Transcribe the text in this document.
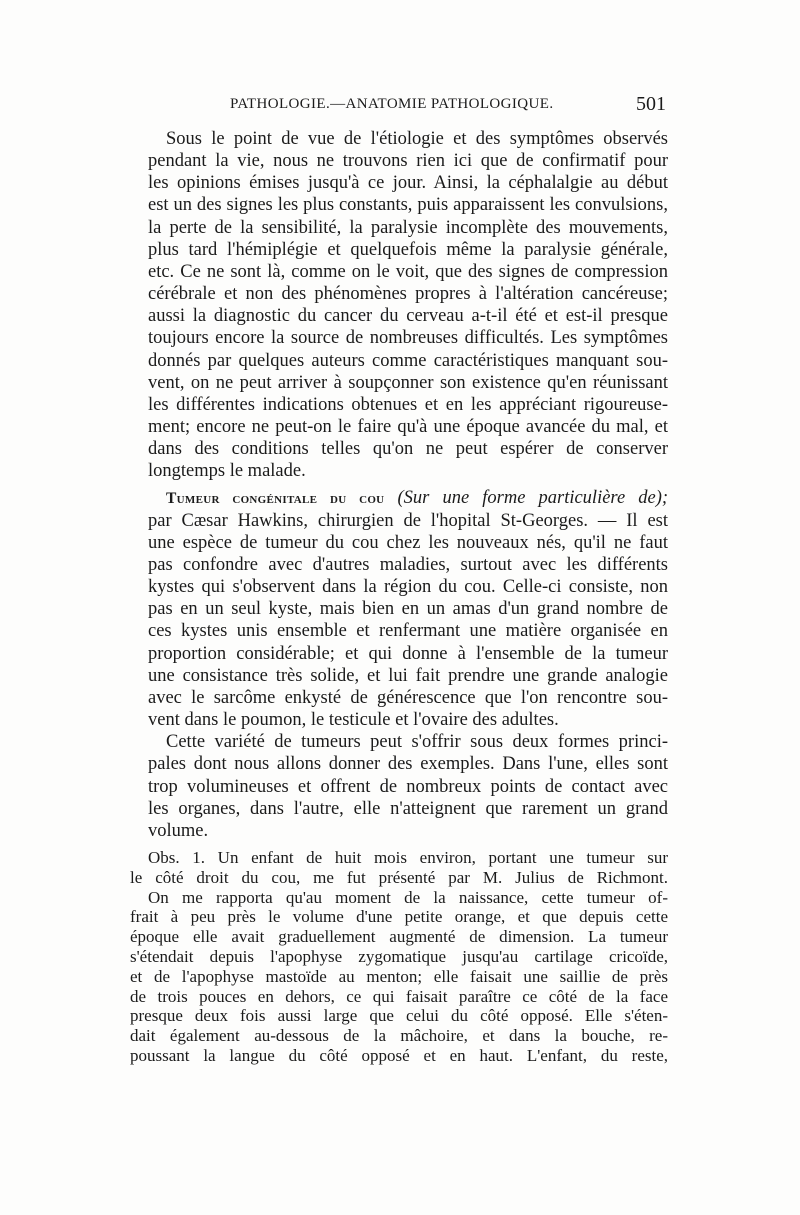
PATHOLOGIE.—ANATOMIE PATHOLOGIQUE.	501
Sous le point de vue de l'étiologie et des symptômes observés
pendant la vie, nous ne trouvons rien ici que de confirmatif pour
les opinions émises jusqu'à ce jour. Ainsi, la céphalalgie au début
est un des signes les plus constants, puis apparaissent les convulsions,
la perte de la sensibilité, la paralysie incomplète des mouvements,
plus tard l'hémiplégie et quelquefois même la paralysie générale,
etc. Ce ne sont là, comme on le voit, que des signes de compression
cérébrale et non des phénomènes propres à l'altération cancéreuse;
aussi la diagnostic du cancer du cerveau a-t-il été et est-il presque
toujours encore la source de nombreuses difficultés. Les symptômes
donnés par quelques auteurs comme caractéristiques manquant sou-
vent, on ne peut arriver à soupçonner son existence qu'en réunissant
les différentes indications obtenues et en les appréciant rigoureuse-
ment; encore ne peut-on le faire qu'à une époque avancée du mal, et
dans des conditions telles qu'on ne peut espérer de conserver
longtemps le malade.
Tumeur congénitale du cou (Sur une forme particulière de);
par Cæsar Hawkins, chirurgien de l'hopital St-Georges. — Il est
une espèce de tumeur du cou chez les nouveaux nés, qu'il ne faut
pas confondre avec d'autres maladies, surtout avec les différents
kystes qui s'observent dans la région du cou. Celle-ci consiste, non
pas en un seul kyste, mais bien en un amas d'un grand nombre de
ces kystes unis ensemble et renfermant une matière organisée en
proportion considérable; et qui donne à l'ensemble de la tumeur
une consistance très solide, et lui fait prendre une grande analogie
avec le sarcôme enkysté de générescence que l'on rencontre sou-
vent dans le poumon, le testicule et l'ovaire des adultes.
Cette variété de tumeurs peut s'offrir sous deux formes princi-
pales dont nous allons donner des exemples. Dans l'une, elles sont
trop volumineuses et offrent de nombreux points de contact avec
les organes, dans l'autre, elle n'atteignent que rarement un grand
volume.
Obs. 1. Un enfant de huit mois environ, portant une tumeur sur
le côté droit du cou, me fut présenté par M. Julius de Richmont.
On me rapporta qu'au moment de la naissance, cette tumeur of-
frait à peu près le volume d'une petite orange, et que depuis cette
époque elle avait graduellement augmenté de dimension. La tumeur
s'étendait depuis l'apophyse zygomatique jusqu'au cartilage cricoïde,
et de l'apophyse mastoïde au menton; elle faisait une saillie de près
de trois pouces en dehors, ce qui faisait paraître ce côté de la face
presque deux fois aussi large que celui du côté opposé. Elle s'éten-
dait également au-dessous de la mâchoire, et dans la bouche, re-
poussant la langue du côté opposé et en haut. L'enfant, du reste,
